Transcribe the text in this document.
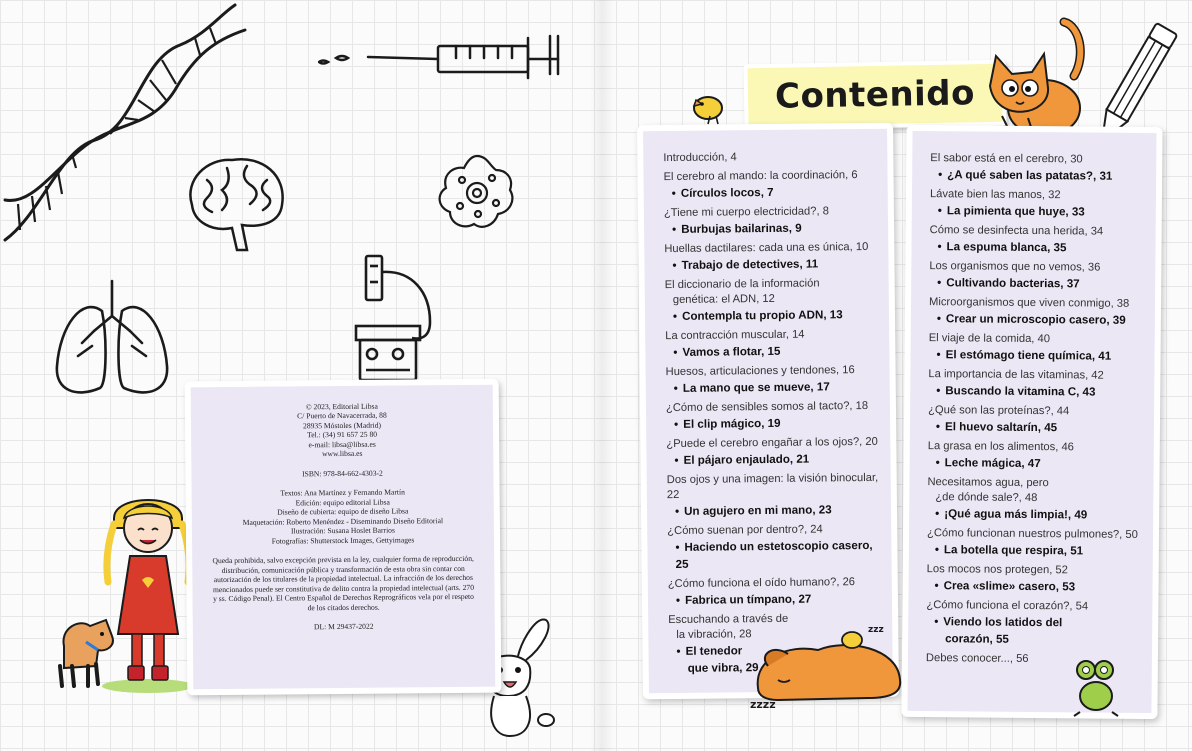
© 2023, Editorial Libsa
C/ Puerto de Navacerrada, 88
28935 Móstoles (Madrid)
Tel.: (34) 91 657 25 80
e-mail: libsa@libsa.es
www.libsa.es
ISBN: 978-84-662-4303-2
Textos: Ana Martínez y Fernando Martín
Edición: equipo editorial Libsa
Diseño de cubierta: equipo de diseño Libsa
Maquetación: Roberto Menéndez - Diseminando Diseño Editorial
Ilustración: Susana Hoslet Barrios
Fotografías: Shutterstock Images, Gettyimages
Queda prohibida, salvo excepción prevista en la ley, cualquier forma de reproducción, distribución, comunicación pública y transformación de esta obra sin contar con autorización de los titulares de la propiedad intelectual. La infracción de los derechos mencionados puede ser constitutiva de delito contra la propiedad intelectual (arts. 270 y ss. Código Penal). El Centro Español de Derechos Reprográficos vela por el respeto de los citados derechos.
DL: M 29437-2022
Contenido
Introducción, 4
El cerebro al mando: la coordinación, 6
• Círculos locos, 7
¿Tiene mi cuerpo electricidad?, 8
• Burbujas bailarinas, 9
Huellas dactilares: cada una es única, 10
• Trabajo de detectives, 11
El diccionario de la información
genética: el ADN, 12
• Contempla tu propio ADN, 13
La contracción muscular, 14
• Vamos a flotar, 15
Huesos, articulaciones y tendones, 16
• La mano que se mueve, 17
¿Cómo de sensibles somos al tacto?, 18
• El clip mágico, 19
¿Puede el cerebro engañar a los ojos?, 20
• El pájaro enjaulado, 21
Dos ojos y una imagen: la visión binocular, 22
• Un agujero en mi mano, 23
¿Cómo suenan por dentro?, 24
• Haciendo un estetoscopio casero, 25
¿Cómo funciona el oído humano?, 26
• Fabrica un tímpano, 27
Escuchando a través de
la vibración, 28
• El tenedor
que vibra, 29
El sabor está en el cerebro, 30
• ¿A qué saben las patatas?, 31
Lávate bien las manos, 32
• La pimienta que huye, 33
Cómo se desinfecta una herida, 34
• La espuma blanca, 35
Los organismos que no vemos, 36
• Cultivando bacterias, 37
Microorganismos que viven conmigo, 38
• Crear un microscopio casero, 39
El viaje de la comida, 40
• El estómago tiene química, 41
La importancia de las vitaminas, 42
• Buscando la vitamina C, 43
¿Qué son las proteínas?, 44
• El huevo saltarín, 45
La grasa en los alimentos, 46
• Leche mágica, 47
Necesitamos agua, pero
¿de dónde sale?, 48
• ¡Qué agua más limpia!, 49
¿Cómo funcionan nuestros pulmones?, 50
• La botella que respira, 51
Los mocos nos protegen, 52
• Crea «slime» casero, 53
¿Cómo funciona el corazón?, 54
• Viendo los latidos del
corazón, 55
Debes conocer..., 56
zzz
zzzz
